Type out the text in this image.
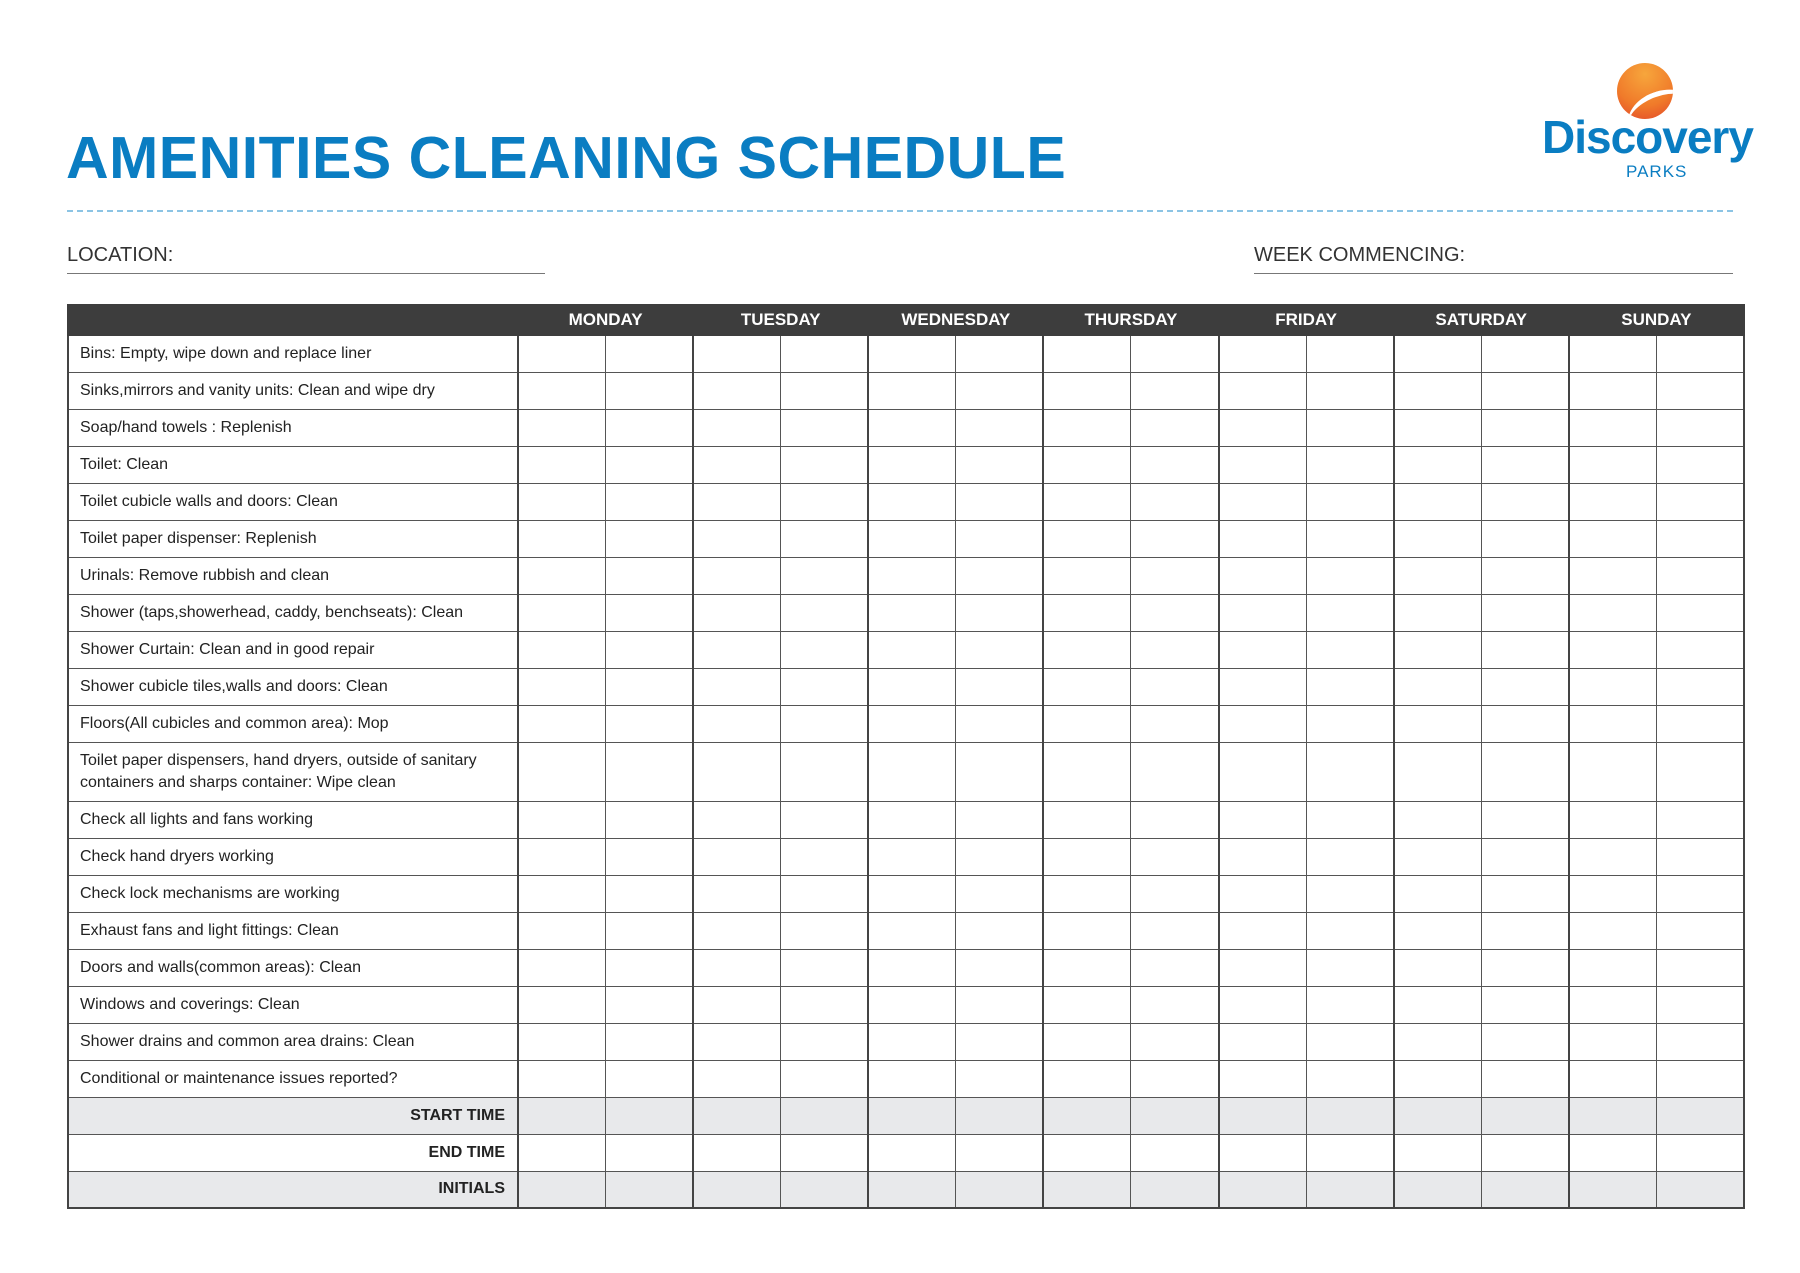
AMENITIES CLEANING SCHEDULE	Discovery
PARKS
LOCATION:	WEEK COMMENCING:
	MONDAY		TUESDAY		WEDNESDAY		THURSDAY		FRIDAY		SATURDAY		SUNDAY	
Bins: Empty, wipe down and replace liner														
Sinks,mirrors and vanity units: Clean and wipe dry														
Soap/hand towels : Replenish														
Toilet: Clean														
Toilet cubicle walls and doors: Clean														
Toilet paper dispenser: Replenish														
Urinals: Remove rubbish and clean														
Shower (taps,showerhead, caddy, benchseats): Clean														
Shower Curtain: Clean and in good repair														
Shower cubicle tiles,walls and doors: Clean														
Floors(All cubicles and common area): Mop														
Toilet paper dispensers, hand dryers, outside of sanitary containers and sharps container: Wipe clean														
Check all lights and fans working														
Check hand dryers working														
Check lock mechanisms are working														
Exhaust fans and light fittings: Clean														
Doors and walls(common areas): Clean														
Windows and coverings: Clean														
Shower drains and common area drains: Clean														
Conditional or maintenance issues reported?														
START TIME														
END TIME														
INITIALS														
